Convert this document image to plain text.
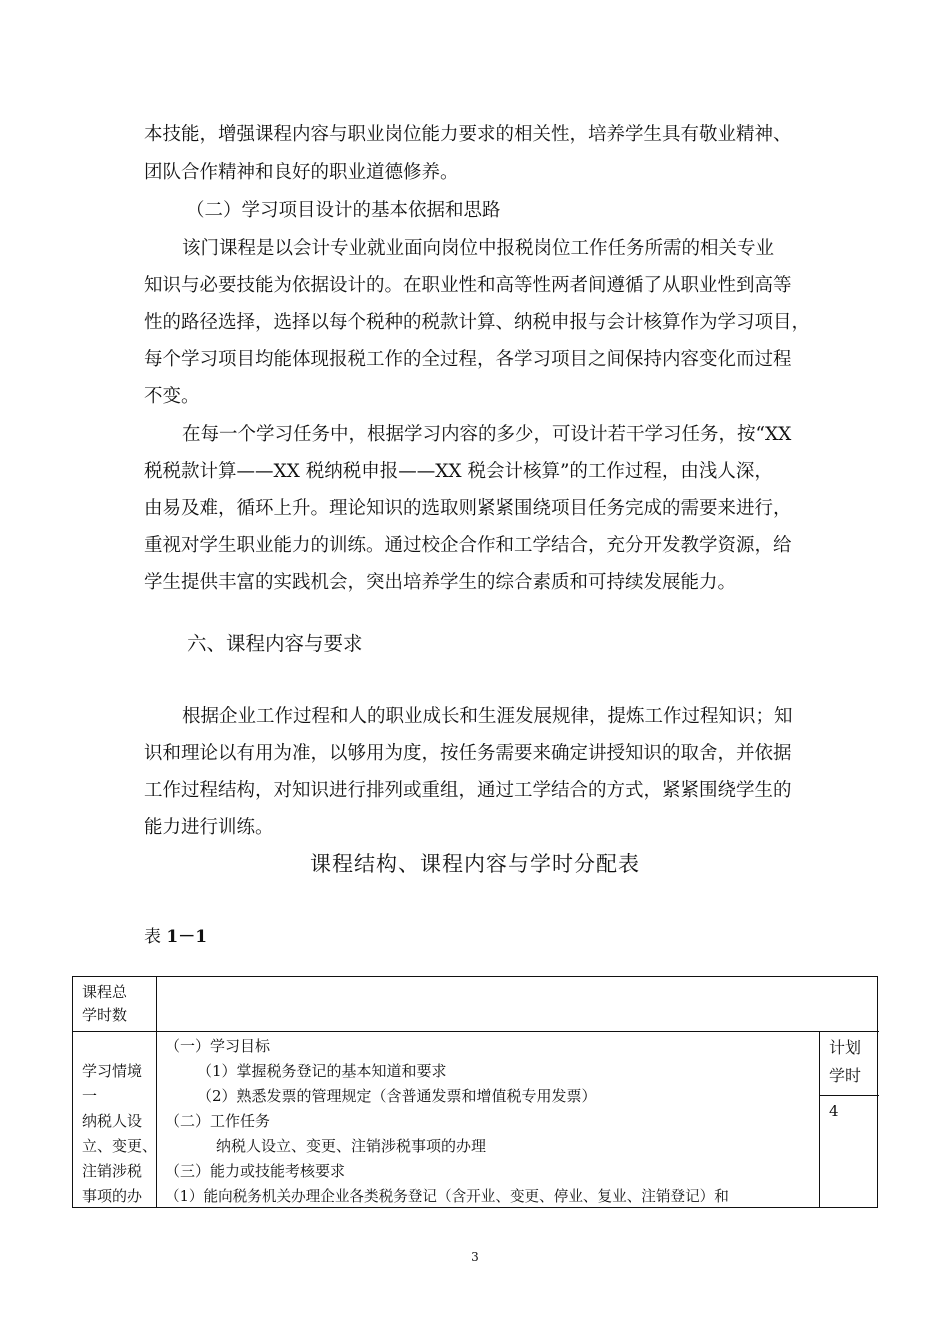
本技能，增强课程内容与职业岗位能力要求的相关性，培养学生具有敬业精神、
团队合作精神和良好的职业道德修养。
（二）学习项目设计的基本依据和思路
该门课程是以会计专业就业面向岗位中报税岗位工作任务所需的相关专业
知识与必要技能为依据设计的。在职业性和高等性两者间遵循了从职业性到高等
性的路径选择，选择以每个税种的税款计算、纳税申报与会计核算作为学习项目，
每个学习项目均能体现报税工作的全过程，各学习项目之间保持内容变化而过程
不变。
在每一个学习任务中，根据学习内容的多少，可设计若干学习任务，按“XX
税税款计算——XX 税纳税申报——XX 税会计核算”的工作过程，由浅人深，
由易及难，循环上升。理论知识的选取则紧紧围绕项目任务完成的需要来进行，
重视对学生职业能力的训练。通过校企合作和工学结合，充分开发教学资源，给
学生提供丰富的实践机会，突出培养学生的综合素质和可持续发展能力。
六、课程内容与要求
根据企业工作过程和人的职业成长和生涯发展规律，提炼工作过程知识；知
识和理论以有用为准，以够用为度，按任务需要来确定讲授知识的取舍，并依据
工作过程结构，对知识进行排列或重组，通过工学结合的方式，紧紧围绕学生的
能力进行训练。
课程结构、课程内容与学时分配表
表 1－1
课程总
学时数
学习情境
一
纳税人设
立、变更、
注销涉税
事项的办
（一）学习目标
（1）掌握税务登记的基本知道和要求
（2）熟悉发票的管理规定（含普通发票和增值税专用发票）
（二）工作任务
纳税人设立、变更、注销涉税事项的办理
（三）能力或技能考核要求
（1）能向税务机关办理企业各类税务登记（含开业、变更、停业、复业、注销登记）和
计划
学时
4
3
